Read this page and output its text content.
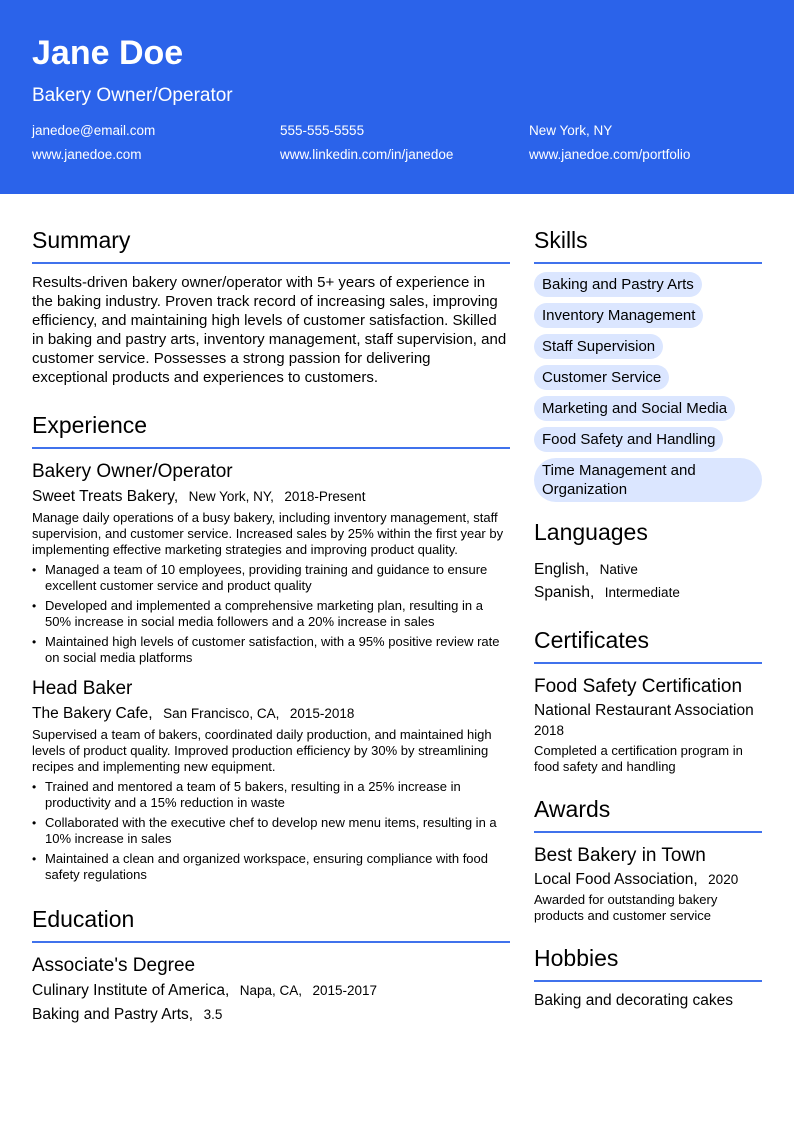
Jane Doe
Bakery Owner/Operator
janedoe@email.com	555-555-5555	New York, NY
www.janedoe.com	www.linkedin.com/in/janedoe	www.janedoe.com/portfolio
Summary
Results-driven bakery owner/operator with 5+ years of experience in the baking industry. Proven track record of increasing sales, improving efficiency, and maintaining high levels of customer satisfaction. Skilled in baking and pastry arts, inventory management, staff supervision, and customer service. Possesses a strong passion for delivering exceptional products and experiences to customers.
Experience
Bakery Owner/Operator
Sweet Treats Bakery, New York, NY, 2018-Present
Manage daily operations of a busy bakery, including inventory management, staff supervision, and customer service. Increased sales by 25% within the first year by implementing effective marketing strategies and improving product quality.
• Managed a team of 10 employees, providing training and guidance to ensure excellent customer service and product quality
• Developed and implemented a comprehensive marketing plan, resulting in a 50% increase in social media followers and a 20% increase in sales
• Maintained high levels of customer satisfaction, with a 95% positive review rate on social media platforms
Head Baker
The Bakery Cafe, San Francisco, CA, 2015-2018
Supervised a team of bakers, coordinated daily production, and maintained high levels of product quality. Improved production efficiency by 30% by streamlining recipes and implementing new equipment.
• Trained and mentored a team of 5 bakers, resulting in a 25% increase in productivity and a 15% reduction in waste
• Collaborated with the executive chef to develop new menu items, resulting in a 10% increase in sales
• Maintained a clean and organized workspace, ensuring compliance with food safety regulations
Education
Associate's Degree
Culinary Institute of America, Napa, CA, 2015-2017
Baking and Pastry Arts, 3.5
Skills
Baking and Pastry Arts
Inventory Management
Staff Supervision
Customer Service
Marketing and Social Media
Food Safety and Handling
Time Management and Organization
Languages
English, Native
Spanish, Intermediate
Certificates
Food Safety Certification
National Restaurant Association
2018
Completed a certification program in food safety and handling
Awards
Best Bakery in Town
Local Food Association, 2020
Awarded for outstanding bakery products and customer service
Hobbies
Baking and decorating cakes
